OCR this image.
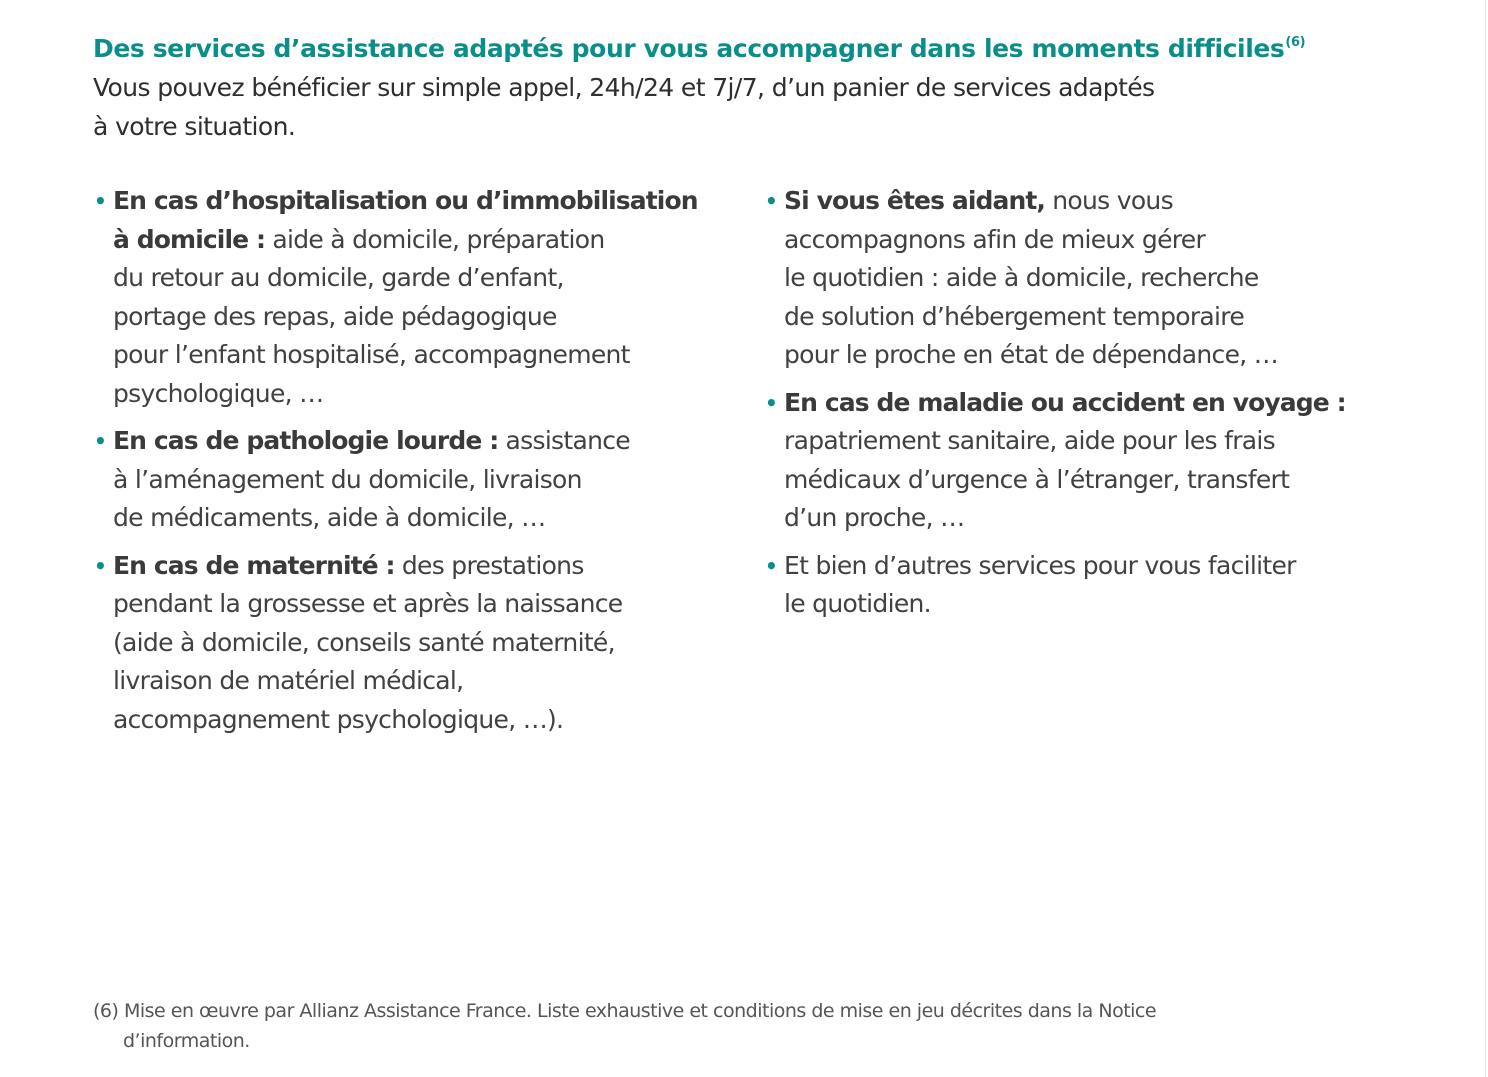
Des services d’assistance adaptés pour vous accompagner dans les moments difficiles$^{(6)}$

Vous pouvez bénéficier sur simple appel, 24h/24 et 7j/7, d’un panier de services adaptés
à votre situation.

• En cas d’hospitalisation ou d’immobilisation
à domicile : aide à domicile, préparation
du retour au domicile, garde d’enfant,
portage des repas, aide pédagogique
pour l’enfant hospitalisé, accompagnement
psychologique, …
• En cas de pathologie lourde : assistance
à l’aménagement du domicile, livraison
de médicaments, aide à domicile, …
• En cas de maternité : des prestations
pendant la grossesse et après la naissance
(aide à domicile, conseils santé maternité,
livraison de matériel médical,
accompagnement psychologique, …).
• Si vous êtes aidant, nous vous
accompagnons afin de mieux gérer
le quotidien : aide à domicile, recherche
de solution d’hébergement temporaire
pour le proche en état de dépendance, …
• En cas de maladie ou accident en voyage :
rapatriement sanitaire, aide pour les frais
médicaux d’urgence à l’étranger, transfert
d’un proche, …
• Et bien d’autres services pour vous faciliter
le quotidien.

(6) Mise en œuvre par Allianz Assistance France. Liste exhaustive et conditions de mise en jeu décrites dans la Notice
d’information.
